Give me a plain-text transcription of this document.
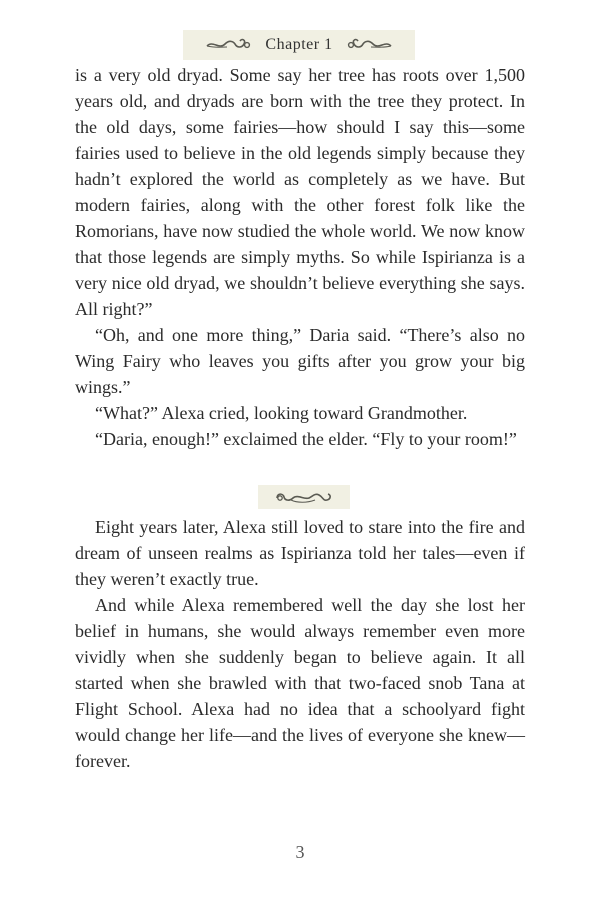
Chapter 1

is a very old dryad. Some say her tree has roots over 1,500 years old, and dryads are born with the tree they protect. In the old days, some fairies—how should I say this—some fairies used to believe in the old legends simply because they hadn’t explored the world as completely as we have. But modern fairies, along with the other forest folk like the Romorians, have now studied the whole world. We now know that those legends are simply myths. So while Ispirianza is a very nice old dryad, we shouldn’t believe everything she says. All right?”

“Oh, and one more thing,” Daria said. “There’s also no Wing Fairy who leaves you gifts after you grow your big wings.”

“What?” Alexa cried, looking toward Grandmother.

“Daria, enough!” exclaimed the elder. “Fly to your room!”

Eight years later, Alexa still loved to stare into the fire and dream of unseen realms as Ispirianza told her tales—even if they weren’t exactly true.

And while Alexa remembered well the day she lost her belief in humans, she would always remember even more vividly when she suddenly began to believe again. It all started when she brawled with that two-faced snob Tana at Flight School. Alexa had no idea that a schoolyard fight would change her life—and the lives of everyone she knew—forever.

3
